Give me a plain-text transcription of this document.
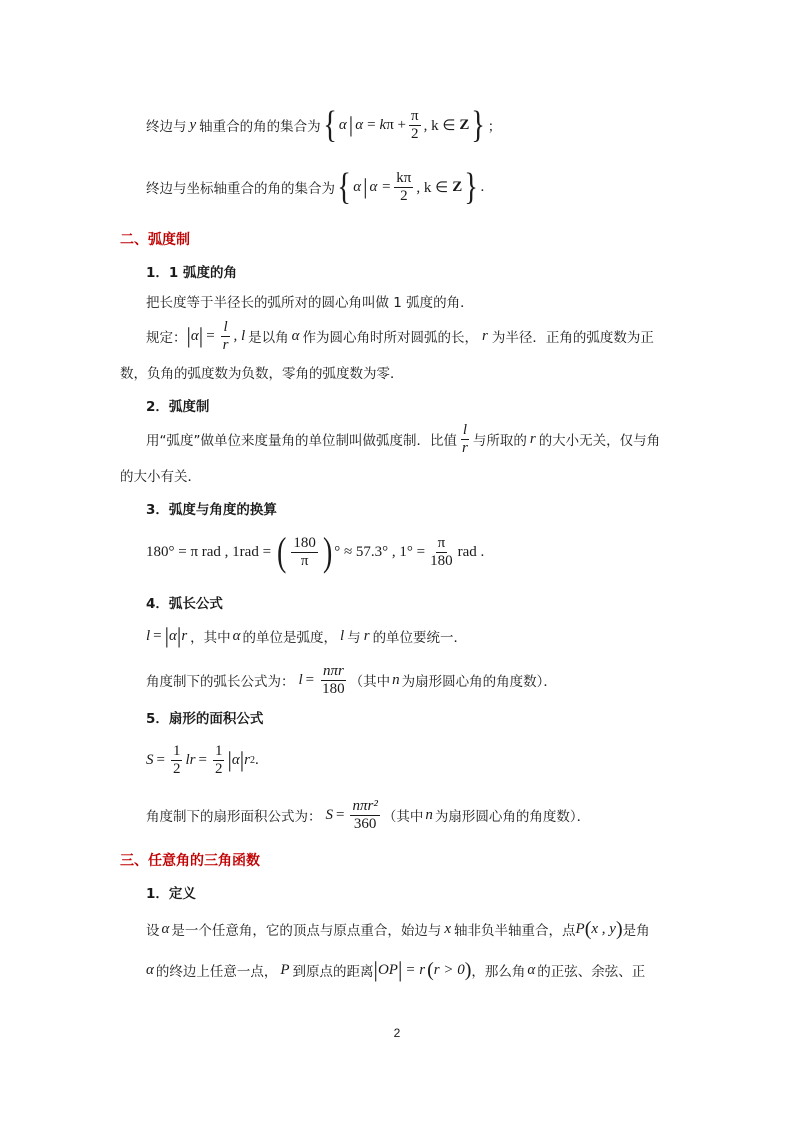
终边与 y 轴重合的角的集合为 { α | α = k $\pi + \frac{\pi}{2}$ , k ∈ Z } ；
终边与坐标轴重合的角的集合为 { α | $\alpha = \frac{k\pi}{2}$ , k ∈ Z } .
二、弧度制
1．1 弧度的角
把长度等于半径长的弧所对的圆心角叫做 1 弧度的角．
规定： | α | = $\frac{l}{r}$ , l 是以角 α 作为圆心角时所对圆弧的长， r 为半径．正角的弧度数为正
数，负角的弧度数为负数，零角的弧度数为零．
2．弧度制
用“弧度”做单位来度量角的单位制叫做弧度制．比值 $\frac{l}{r}$ 与所取的 r 的大小无关，仅与角
的大小有关．
3．弧度与角度的换算
180° = π rad , 1rad = ( $\frac{180}{\pi}$ ) ° ≈ 57.3° , $1^\circ = \frac{\pi}{180}$ rad .
4．弧长公式
l = | α | r ，其中 α 的单位是弧度， l 与 r 的单位要统一．
角度制下的弧长公式为： $l = \frac{\text{nπr}}{180}$ （其中 n 为扇形圆心角的角度数）．
5．扇形的面积公式
$S = \frac{1}{2}$ lr = $\frac{1}{2}$ | α | r 2 .
角度制下的扇形面积公式为： $S = \frac{\text{nπr²}}{360}$ （其中 n 为扇形圆心角的角度数）．
三、任意角的三角函数
1．定义
设 α 是一个任意角，它的顶点与原点重合，始边与 x 轴非负半轴重合，点 P ( x , y ) 是角
α 的终边上任意一点， P 到原点的距离 | OP | = r ( r > 0 ) ，那么角 α 的正弦、余弦、正
2
